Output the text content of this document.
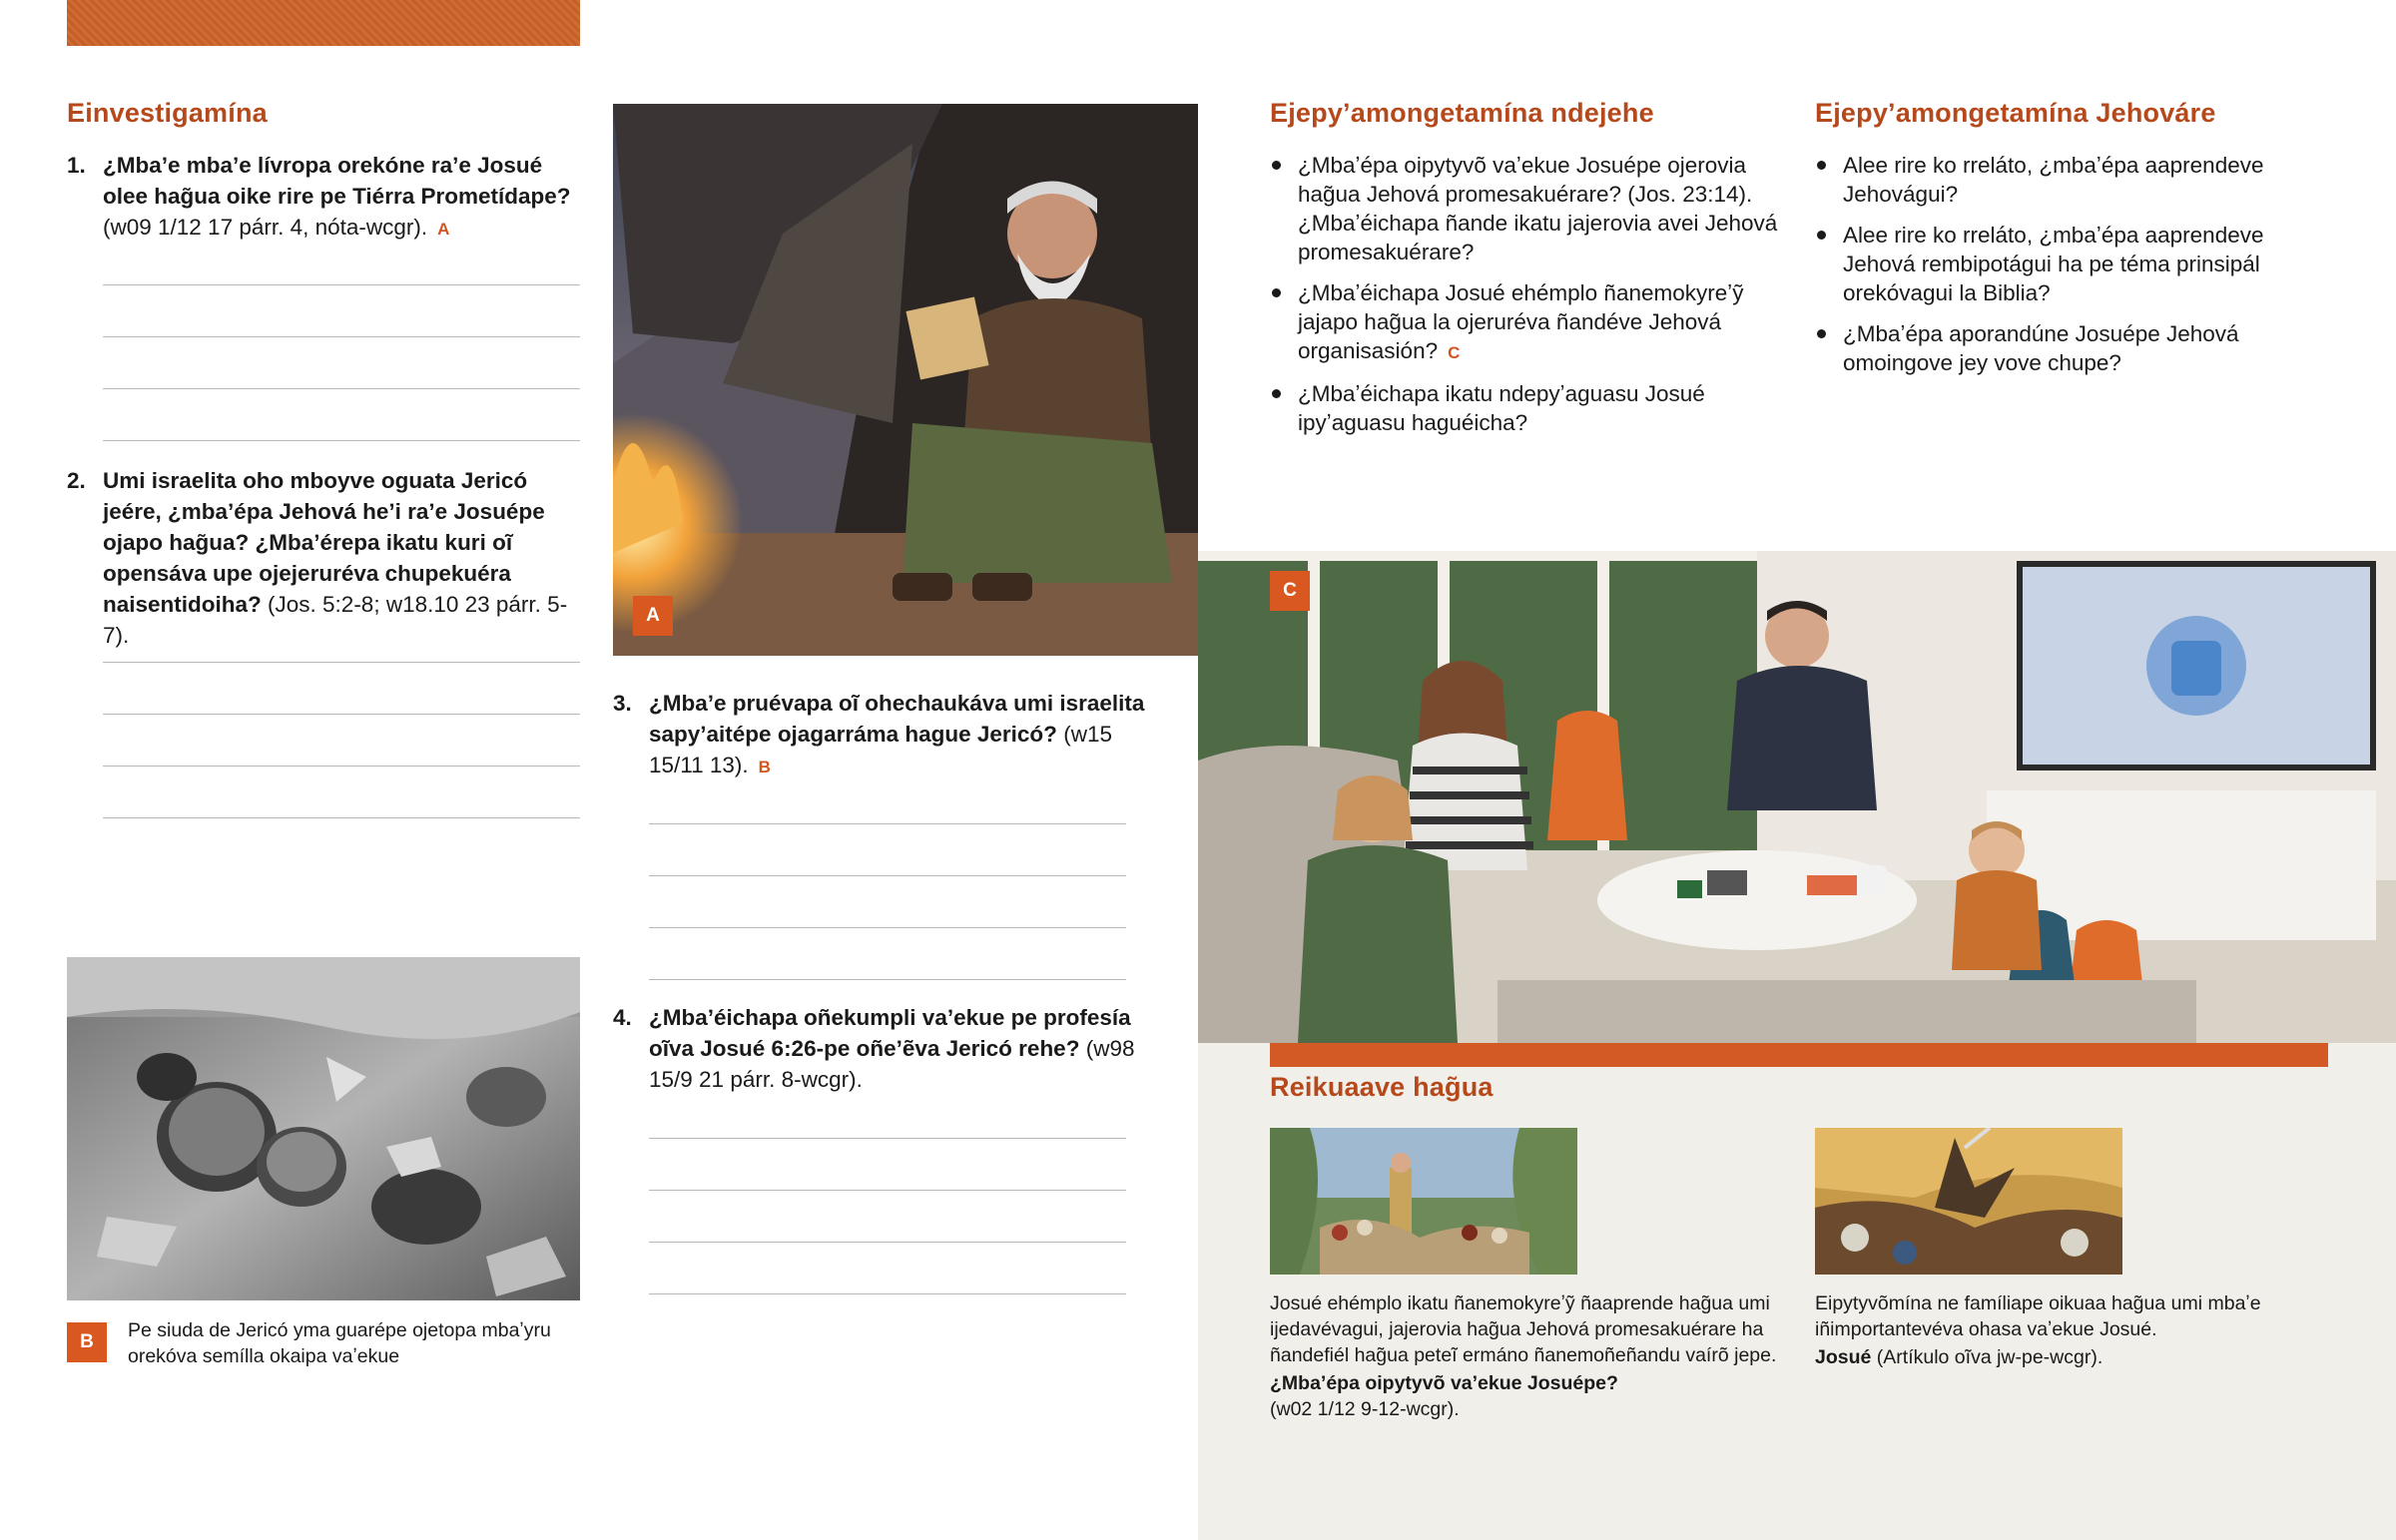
Einvestigamína
1. ¿Mbaʼe mbaʼe lívropa orekóne raʼe Josué olee hag̃ua oike rire pe Tiérra Prometídape? (w09 1/12 17 párr. 4, nóta-wcgr). A
2. Umi israelita oho mboyve oguata Jericó jeére, ¿mbaʼépa Jehová heʼi raʼe Josuépe ojapo hag̃ua? ¿Mbaʼérepa ikatu kuri oĩ opensáva upe ojejeruréva chupekuéra naisentidoiha? (Jos. 5:2-8; w18.10 23 párr. 5-7).
B
Pe siuda de Jericó yma guarépe ojetopa mbaʼyru orekóva semílla okaipa vaʼekue
A
3. ¿Mbaʼe pruévapa oĩ ohechaukáva umi israelita sapyʼaitépe ojagarráma hague Jericó? (w15 15/11 13). B
4. ¿Mbaʼéichapa oñekumpli vaʼekue pe profesía oĩva Josué 6:26-pe oñeʼẽva Jericó rehe? (w98 15/9 21 párr. 8-wcgr).
Ejepyʼamongetamína ndejehe
¿Mbaʼépa oipytyvõ vaʼekue Josuépe ojerovia hag̃ua Jehová promesakuérare? (Jos. 23:14). ¿Mbaʼéichapa ñande ikatu jajerovia avei Jehová promesakuérare?
¿Mbaʼéichapa Josué ehémplo ñanemokyreʼỹ jajapo hag̃ua la ojeruréva ñandéve Jehová organisasión? C
¿Mbaʼéichapa ikatu ndepyʼaguasu Josué ipyʼaguasu haguéicha?
Ejepyʼamongetamína Jehováre
Alee rire ko rreláto, ¿mbaʼépa aaprendeve Jehovágui?
Alee rire ko rreláto, ¿mbaʼépa aaprendeve Jehová rembipotágui ha pe téma prinsipál orekóvagui la Biblia?
¿Mbaʼépa aporandúne Josuépe Jehová omoingove jey vove chupe?
C
Reikuaave hag̃ua
Josué ehémplo ikatu ñanemokyreʼỹ ñaaprende hag̃ua umi ijedavévagui, jajerovia hag̃ua Jehová promesakuérare ha ñandefiél hag̃ua peteĩ ermáno ñanemoñeñandu vaírõ jepe.
¿Mbaʼépa oipytyvõ vaʼekue Josuépe?
(w02 1/12 9-12-wcgr).
Eipytyvõmína ne famíliape oikuaa hag̃ua umi mbaʼe iñimportantevéva ohasa vaʼekue Josué.
Josué (Artíkulo oĩva jw-pe-wcgr).
